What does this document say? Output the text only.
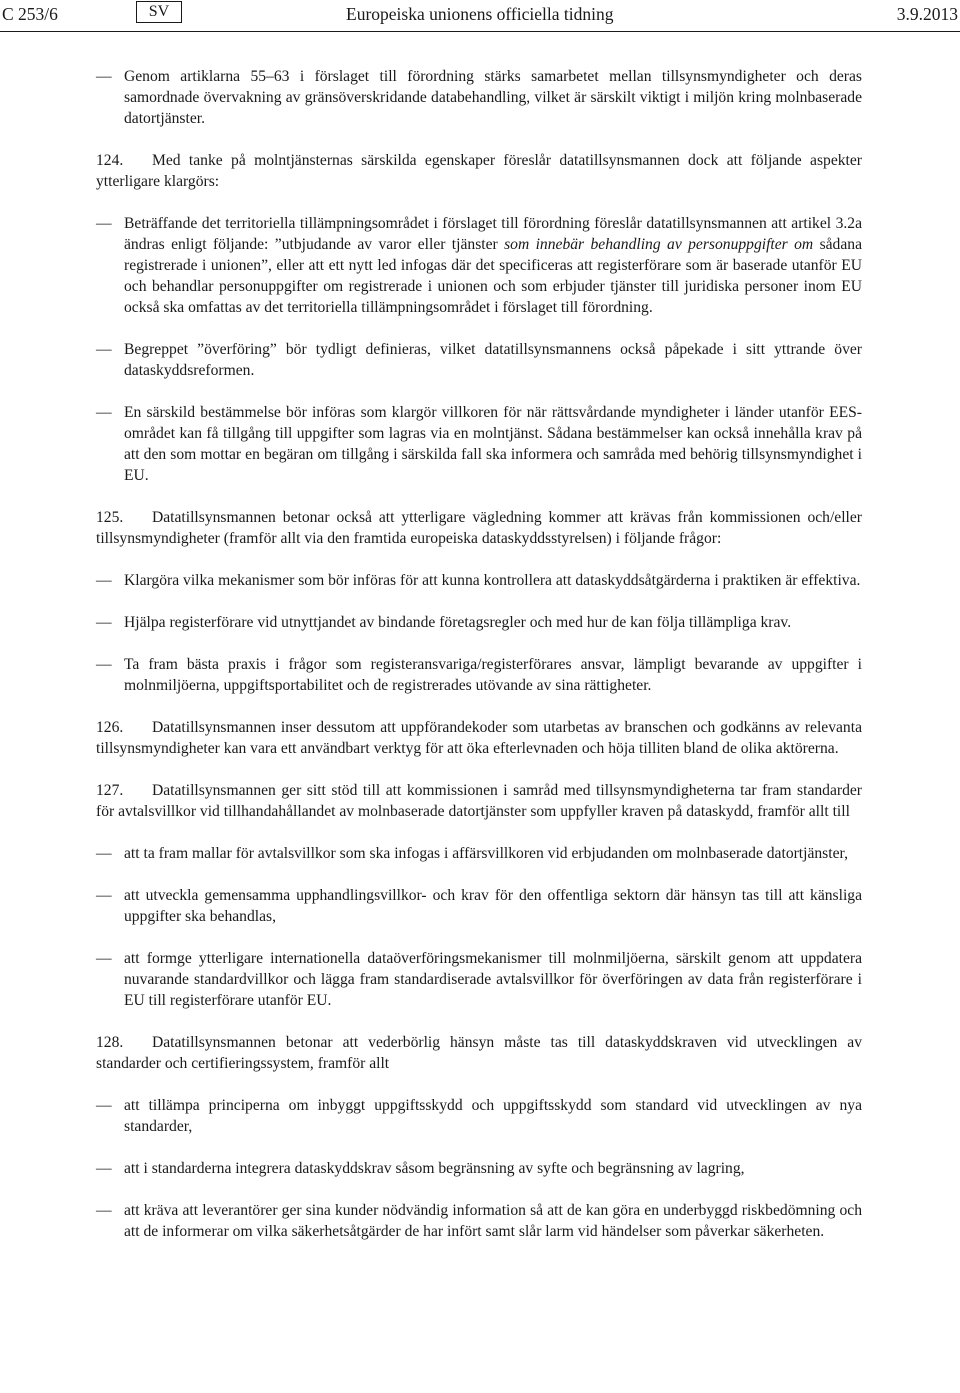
C 253/6	SV	Europeiska unionens officiella tidning	3.9.2013

— Genom artiklarna 55–63 i förslaget till förordning stärks samarbetet mellan tillsynsmyndigheter och deras samordnade övervakning av gränsöverskridande databehandling, vilket är särskilt viktigt i miljön kring molnbaserade datortjänster.

124. Med tanke på molntjänsternas särskilda egenskaper föreslår datatillsynsmannen dock att följande aspekter ytterligare klargörs:

— Beträffande det territoriella tillämpningsområdet i förslaget till förordning föreslår datatillsynsmannen att artikel 3.2a ändras enligt följande: ”utbjudande av varor eller tjänster som innebär behandling av personuppgifter om sådana registrerade i unionen”, eller att ett nytt led infogas där det specificeras att registerförare som är baserade utanför EU och behandlar personuppgifter om registrerade i unionen och som erbjuder tjänster till juridiska personer inom EU också ska omfattas av det territoriella tillämpningsområdet i förslaget till förordning.

— Begreppet ”överföring” bör tydligt definieras, vilket datatillsynsmannens också påpekade i sitt yttrande över dataskyddsreformen.

— En särskild bestämmelse bör införas som klargör villkoren för när rättsvårdande myndigheter i länder utanför EES-området kan få tillgång till uppgifter som lagras via en molntjänst. Sådana bestämmelser kan också innehålla krav på att den som mottar en begäran om tillgång i särskilda fall ska informera och samråda med behörig tillsynsmyndighet i EU.

125. Datatillsynsmannen betonar också att ytterligare vägledning kommer att krävas från kommissionen och/eller tillsynsmyndigheter (framför allt via den framtida europeiska dataskyddsstyrelsen) i följande frågor:

— Klargöra vilka mekanismer som bör införas för att kunna kontrollera att dataskyddsåtgärderna i praktiken är effektiva.

— Hjälpa registerförare vid utnyttjandet av bindande företagsregler och med hur de kan följa tillämpliga krav.

— Ta fram bästa praxis i frågor som registeransvariga/registerförares ansvar, lämpligt bevarande av uppgifter i molnmiljöerna, uppgiftsportabilitet och de registrerades utövande av sina rättigheter.

126. Datatillsynsmannen inser dessutom att uppförandekoder som utarbetas av branschen och godkänns av relevanta tillsynsmyndigheter kan vara ett användbart verktyg för att öka efterlevnaden och höja tilliten bland de olika aktörerna.

127. Datatillsynsmannen ger sitt stöd till att kommissionen i samråd med tillsynsmyndigheterna tar fram standarder för avtalsvillkor vid tillhandahållandet av molnbaserade datortjänster som uppfyller kraven på dataskydd, framför allt till

— att ta fram mallar för avtalsvillkor som ska infogas i affärsvillkoren vid erbjudanden om molnbaserade datortjänster,

— att utveckla gemensamma upphandlingsvillkor- och krav för den offentliga sektorn där hänsyn tas till att känsliga uppgifter ska behandlas,

— att formge ytterligare internationella dataöverföringsmekanismer till molnmiljöerna, särskilt genom att uppdatera nuvarande standardvillkor och lägga fram standardiserade avtalsvillkor för överföringen av data från registerförare i EU till registerförare utanför EU.

128. Datatillsynsmannen betonar att vederbörlig hänsyn måste tas till dataskyddskraven vid utvecklingen av standarder och certifieringssystem, framför allt

— att tillämpa principerna om inbyggt uppgiftsskydd och uppgiftsskydd som standard vid utvecklingen av nya standarder,

— att i standarderna integrera dataskyddskrav såsom begränsning av syfte och begränsning av lagring,

— att kräva att leverantörer ger sina kunder nödvändig information så att de kan göra en underbyggd riskbedömning och att de informerar om vilka säkerhetsåtgärder de har infört samt slår larm vid händelser som påverkar säkerheten.
